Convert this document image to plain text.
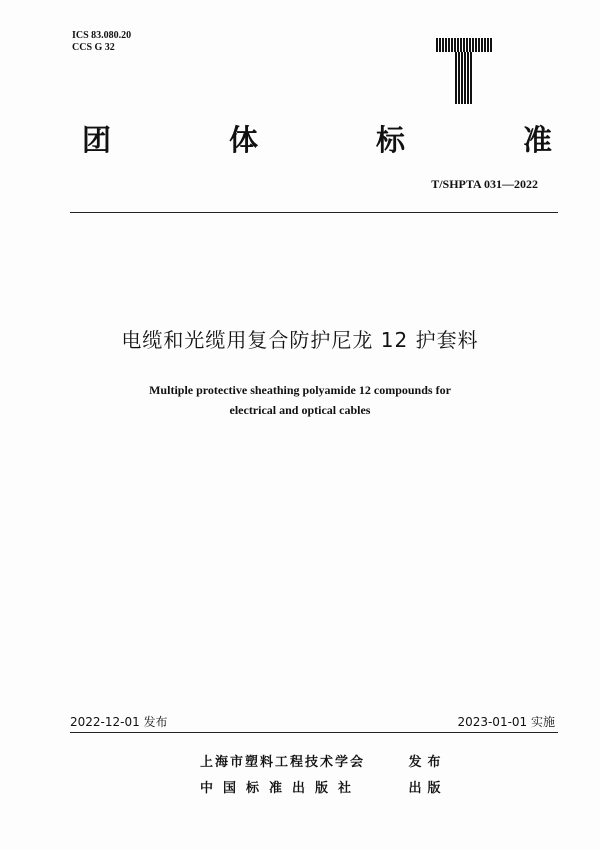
ICS 83.080.20
CCS G 32
团	体	标	准
T/SHPTA 031—2022
电缆和光缆用复合防护尼龙 12 护套料
Multiple protective sheathing polyamide 12 compounds for
electrical and optical cables
2022-12-01 发布	2023-01-01 实施
上海市塑料工程技术学会	发布
中国标准出版社	出版
